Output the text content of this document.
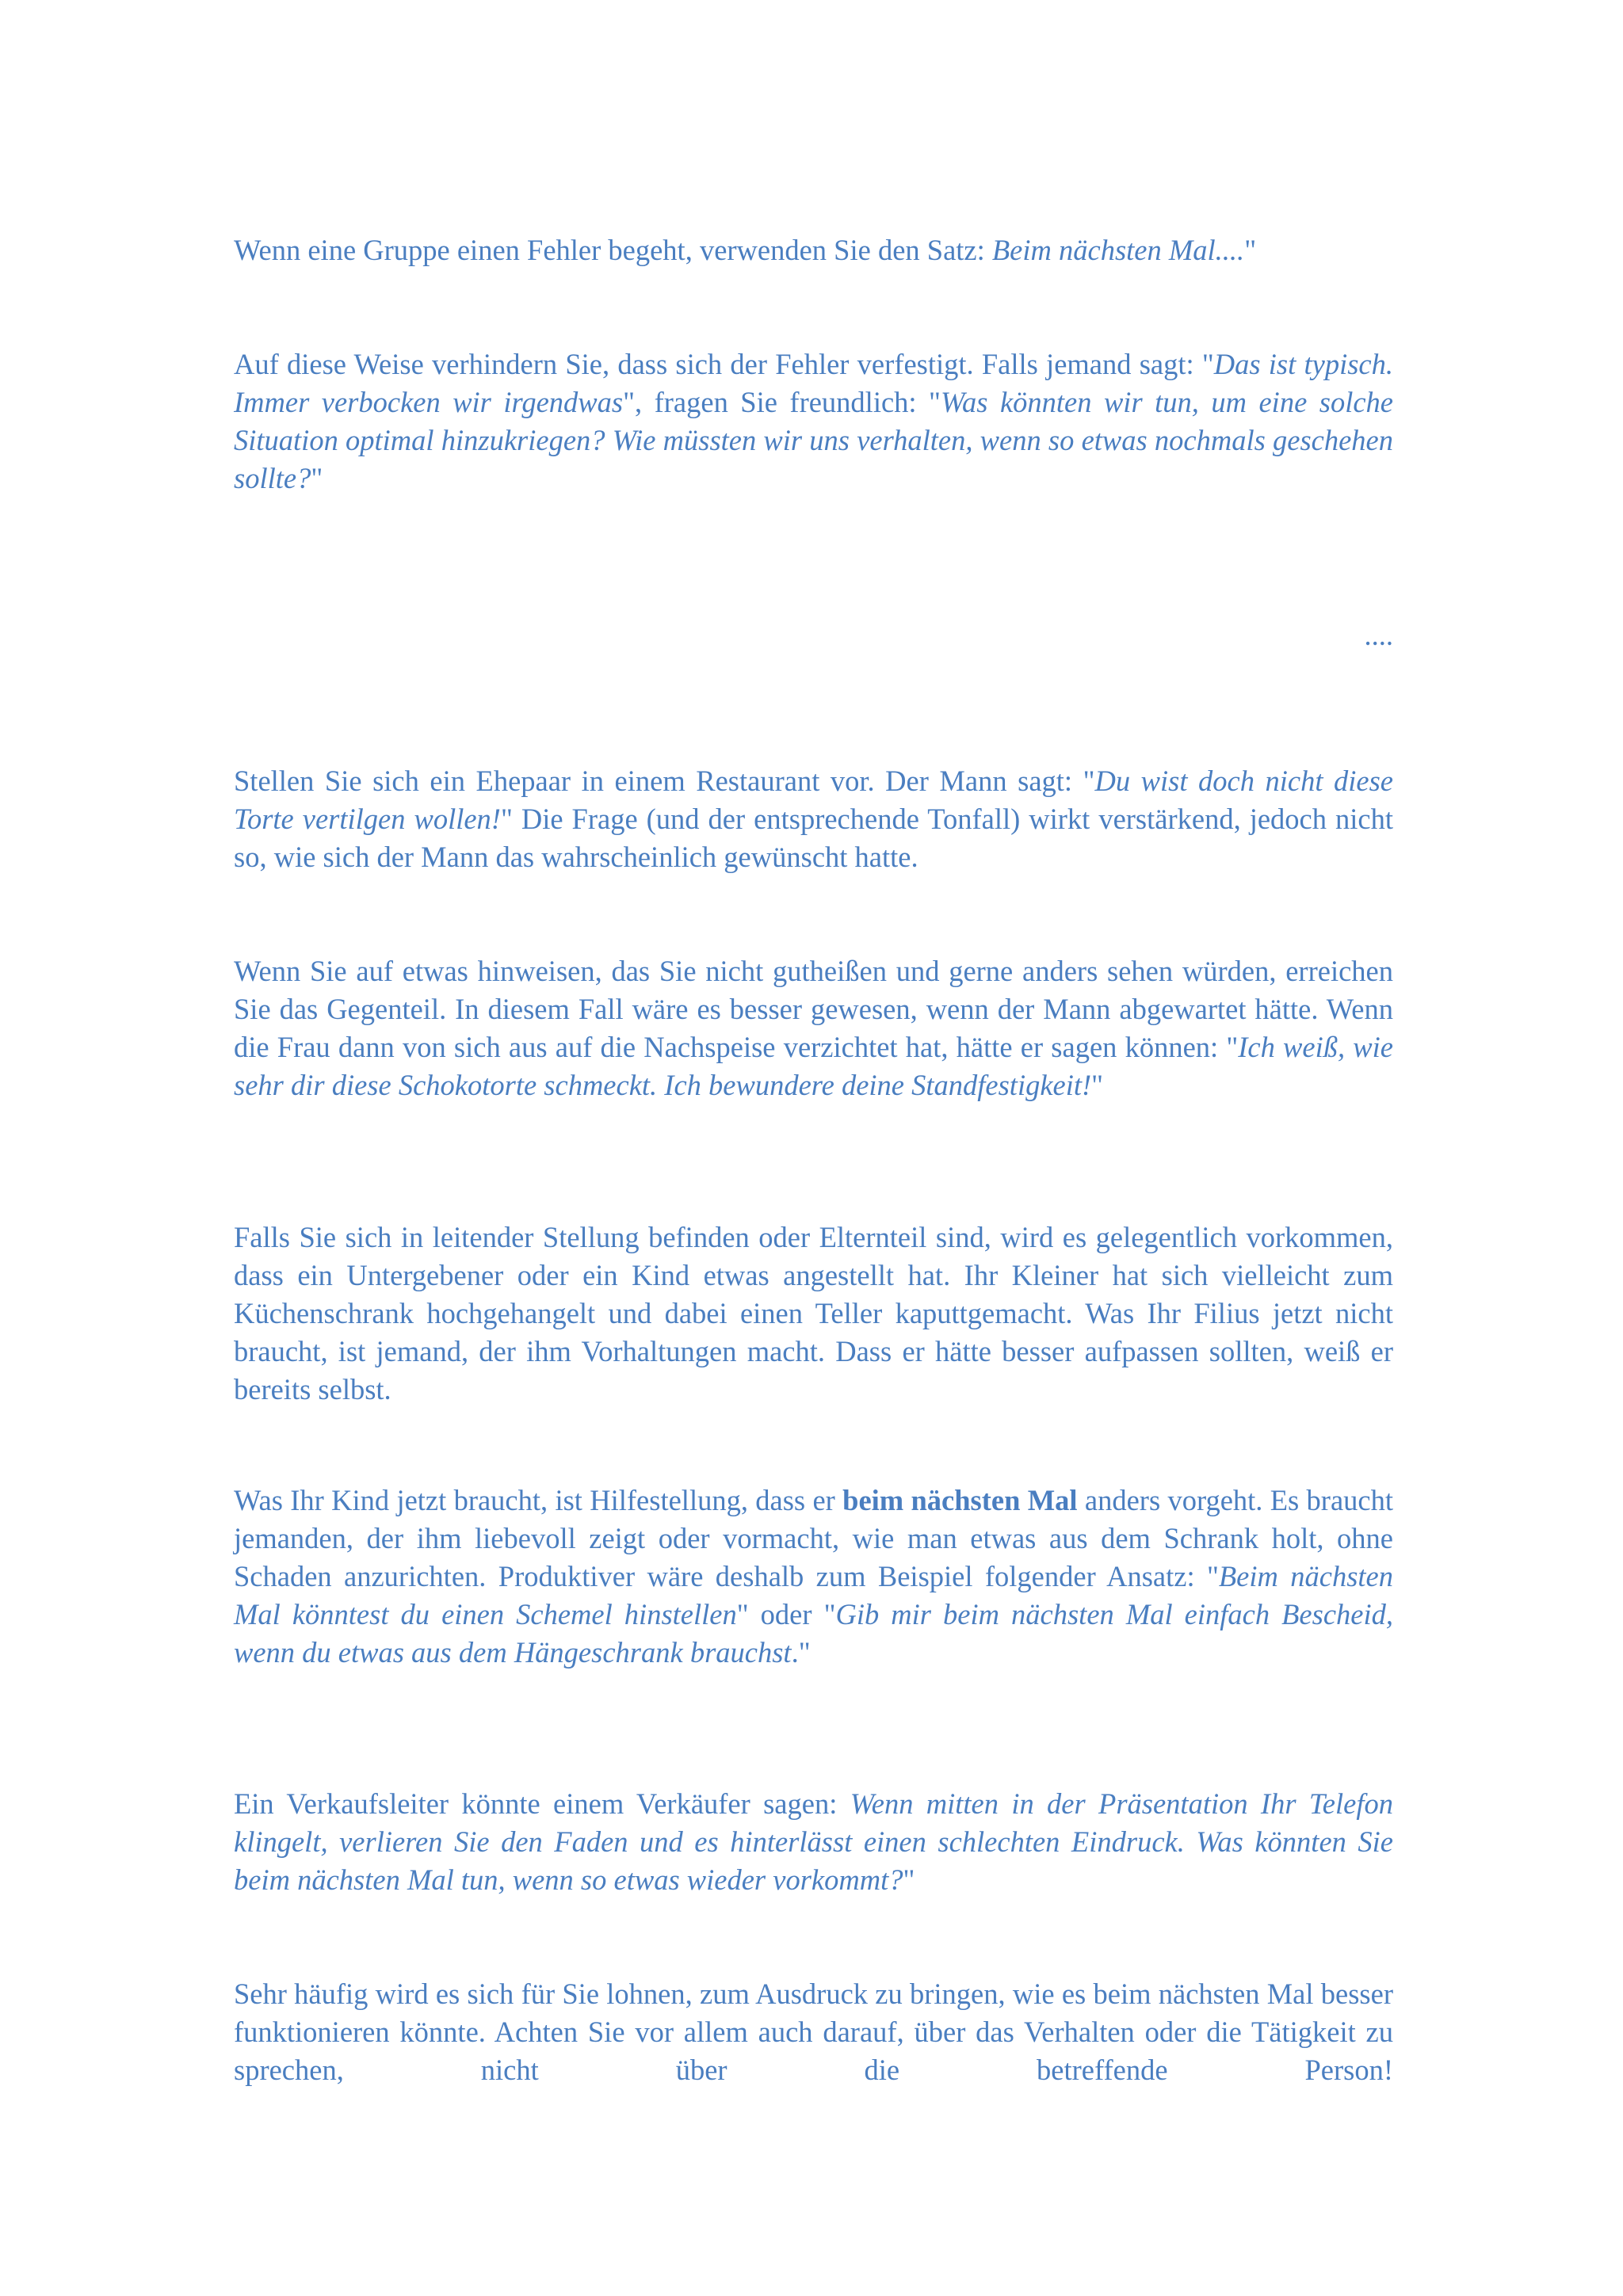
Wenn eine Gruppe einen Fehler begeht, verwenden Sie den Satz: Beim nächsten Mal...."

Auf diese Weise verhindern Sie, dass sich der Fehler verfestigt. Falls jemand sagt: "Das ist typisch. Immer verbocken wir irgendwas", fragen Sie freundlich: "Was könnten wir tun, um eine solche Situation optimal hinzukriegen? Wie müssten wir uns verhalten, wenn so etwas nochmals geschehen sollte?"

....

Stellen Sie sich ein Ehepaar in einem Restaurant vor. Der Mann sagt: "Du wist doch nicht diese Torte vertilgen wollen!" Die Frage (und der entsprechende Tonfall) wirkt verstärkend, jedoch nicht so, wie sich der Mann das wahrscheinlich gewünscht hatte.

Wenn Sie auf etwas hinweisen, das Sie nicht gutheißen und gerne anders sehen würden, erreichen Sie das Gegenteil. In diesem Fall wäre es besser gewesen, wenn der Mann abgewartet hätte. Wenn die Frau dann von sich aus auf die Nachspeise verzichtet hat, hätte er sagen können: "Ich weiß, wie sehr dir diese Schokotorte schmeckt. Ich bewundere deine Standfestigkeit!"

Falls Sie sich in leitender Stellung befinden oder Elternteil sind, wird es gelegentlich vorkommen, dass ein Untergebener oder ein Kind etwas angestellt hat. Ihr Kleiner hat sich vielleicht zum Küchenschrank hochgehangelt und dabei einen Teller kaputtgemacht. Was Ihr Filius jetzt nicht braucht, ist jemand, der ihm Vorhaltungen macht. Dass er hätte besser aufpassen sollten, weiß er bereits selbst.

Was Ihr Kind jetzt braucht, ist Hilfestellung, dass er beim nächsten Mal anders vorgeht. Es braucht jemanden, der ihm liebevoll zeigt oder vormacht, wie man etwas aus dem Schrank holt, ohne Schaden anzurichten. Produktiver wäre deshalb zum Beispiel folgender Ansatz: "Beim nächsten Mal könntest du einen Schemel hinstellen" oder "Gib mir beim nächsten Mal einfach Bescheid, wenn du etwas aus dem Hängeschrank brauchst."

Ein Verkaufsleiter könnte einem Verkäufer sagen: Wenn mitten in der Präsentation Ihr Telefon klingelt, verlieren Sie den Faden und es hinterlässt einen schlechten Eindruck. Was könnten Sie beim nächsten Mal tun, wenn so etwas wieder vorkommt?"

Sehr häufig wird es sich für Sie lohnen, zum Ausdruck zu bringen, wie es beim nächsten Mal besser funktionieren könnte. Achten Sie vor allem auch darauf, über das Verhalten oder die Tätigkeit zu sprechen, nicht über die betreffende Person!
